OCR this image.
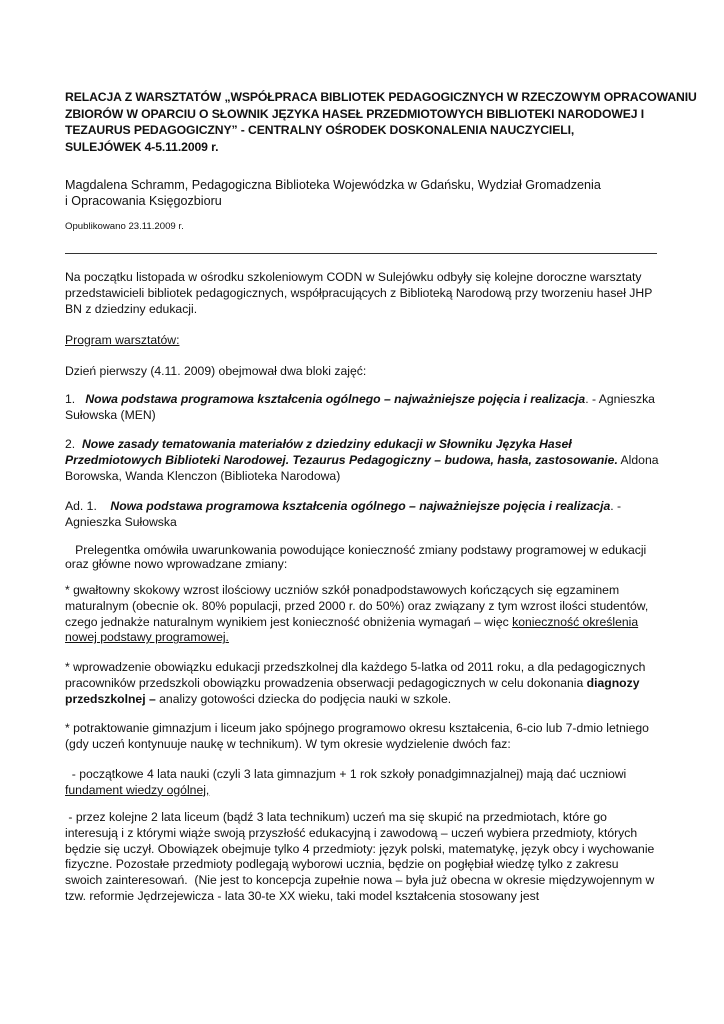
RELACJA Z WARSZTATÓW „WSPÓŁPRACA BIBLIOTEK PEDAGOGICZNYCH W RZECZOWYM OPRACOWANIU
ZBIORÓW W OPARCIU O SŁOWNIK JĘZYKA HASEŁ PRZEDMIOTOWYCH BIBLIOTEKI NARODOWEJ I
TEZAURUS PEDAGOGICZNY” - CENTRALNY OŚRODEK DOSKONALENIA NAUCZYCIELI,
SULEJÓWEK 4-5.11.2009 r.
Magdalena Schramm, Pedagogiczna Biblioteka Wojewódzka w Gdańsku, Wydział Gromadzenia
i Opracowania Księgozbioru
Opublikowano 23.11.2009 r.

Na początku listopada w ośrodku szkoleniowym CODN w Sulejówku odbyły się kolejne doroczne warsztaty przedstawicieli bibliotek pedagogicznych, współpracujących z Biblioteką Narodową przy tworzeniu haseł JHP BN z dziedziny edukacji.

Program warsztatów:

Dzień pierwszy (4.11. 2009) obejmował dwa bloki zajęć:

1. Nowa podstawa programowa kształcenia ogólnego – najważniejsze pojęcia i realizacja. - Agnieszka Sułowska (MEN)

2. Nowe zasady tematowania materiałów z dziedziny edukacji w Słowniku Języka Haseł Przedmiotowych Biblioteki Narodowej. Tezaurus Pedagogiczny – budowa, hasła, zastosowanie. Aldona Borowska, Wanda Klenczon (Biblioteka Narodowa)

Ad. 1. Nowa podstawa programowa kształcenia ogólnego – najważniejsze pojęcia i realizacja. - Agnieszka Sułowska

Prelegentka omówiła uwarunkowania powodujące konieczność zmiany podstawy programowej w edukacji oraz główne nowo wprowadzane zmiany:

* gwałtowny skokowy wzrost ilościowy uczniów szkół ponadpodstawowych kończących się egzaminem maturalnym (obecnie ok. 80% populacji, przed 2000 r. do 50%) oraz związany z tym wzrost ilości studentów, czego jednakże naturalnym wynikiem jest konieczność obniżenia wymagań – więc konieczność określenia nowej podstawy programowej.

* wprowadzenie obowiązku edukacji przedszkolnej dla każdego 5-latka od 2011 roku, a dla pedagogicznych pracowników przedszkoli obowiązku prowadzenia obserwacji pedagogicznych w celu dokonania diagnozy przedszkolnej – analizy gotowości dziecka do podjęcia nauki w szkole.

* potraktowanie gimnazjum i liceum jako spójnego programowo okresu kształcenia, 6-cio lub 7-dmio letniego (gdy uczeń kontynuuje naukę w technikum). W tym okresie wydzielenie dwóch faz:

- początkowe 4 lata nauki (czyli 3 lata gimnazjum + 1 rok szkoły ponadgimnazjalnej) mają dać uczniowi fundament wiedzy ogólnej,

- przez kolejne 2 lata liceum (bądź 3 lata technikum) uczeń ma się skupić na przedmiotach, które go interesują i z którymi wiąże swoją przyszłość edukacyjną i zawodową – uczeń wybiera przedmioty, których będzie się uczył. Obowiązek obejmuje tylko 4 przedmioty: język polski, matematykę, język obcy i wychowanie fizyczne. Pozostałe przedmioty podlegają wyborowi ucznia, będzie on pogłębiał wiedzę tylko z zakresu swoich zainteresowań.  (Nie jest to koncepcja zupełnie nowa – była już obecna w okresie międzywojennym w tzw. reformie Jędrzejewicza - lata 30-te XX wieku, taki model kształcenia stosowany jest
